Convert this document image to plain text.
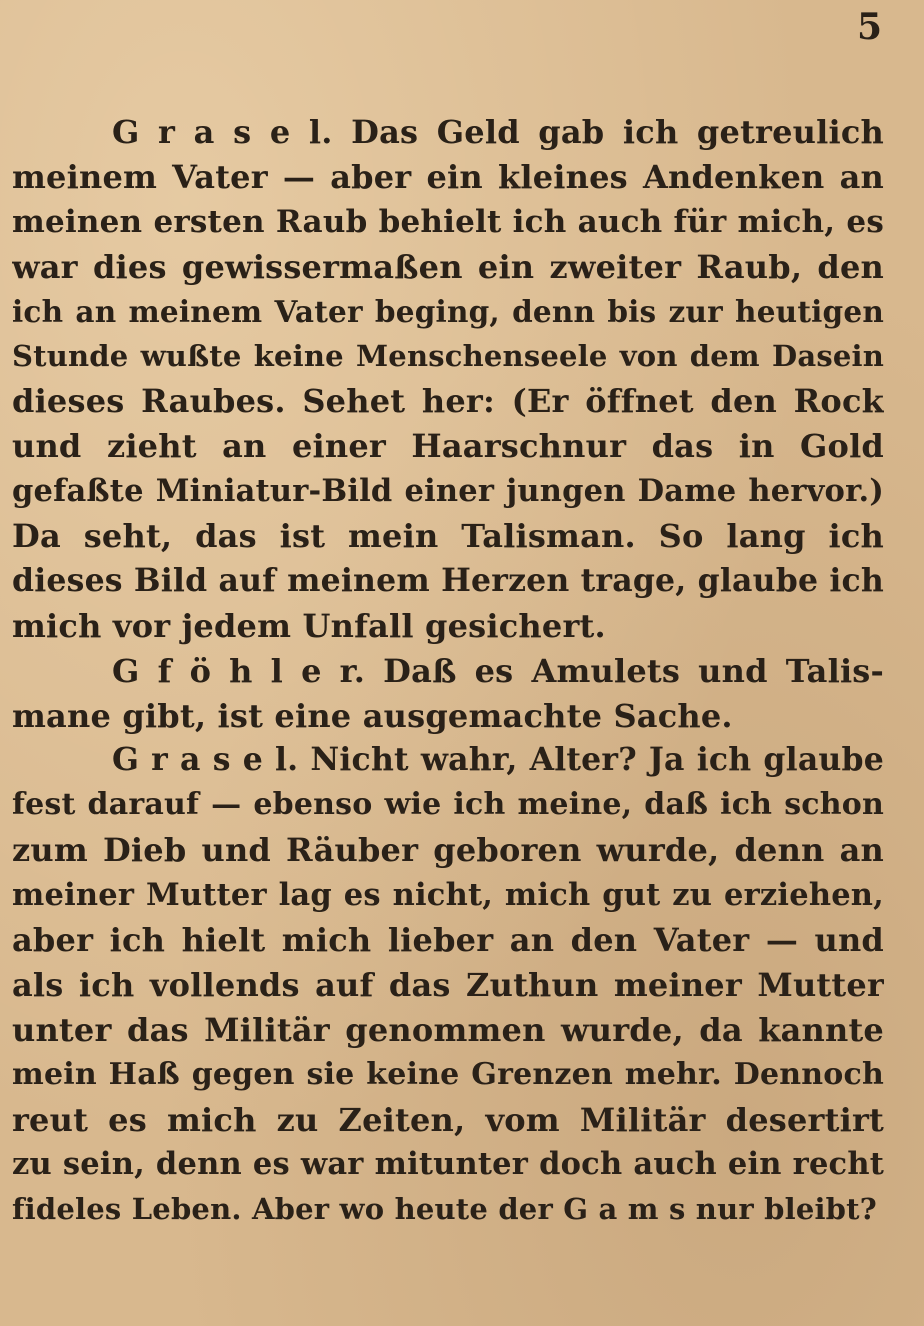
5
G r a s e l. Das Geld gab ich getreulich
meinem Vater — aber ein kleines Andenken an
meinen ersten Raub behielt ich auch für mich, es
war dies gewissermaßen ein zweiter Raub, den
ich an meinem Vater beging, denn bis zur heutigen
Stunde wußte keine Menschenseele von dem Dasein
dieses Raubes. Sehet her: (Er öffnet den Rock
und zieht an einer Haarschnur das in Gold
gefaßte Miniatur-Bild einer jungen Dame hervor.)
Da seht, das ist mein Talisman. So lang ich
dieses Bild auf meinem Herzen trage, glaube ich
mich vor jedem Unfall gesichert.
G f ö h l e r. Daß es Amulets und Talis-
mane gibt, ist eine ausgemachte Sache.
G r a s e l. Nicht wahr, Alter? Ja ich glaube
fest darauf — ebenso wie ich meine, daß ich schon
zum Dieb und Räuber geboren wurde, denn an
meiner Mutter lag es nicht, mich gut zu erziehen,
aber ich hielt mich lieber an den Vater — und
als ich vollends auf das Zuthun meiner Mutter
unter das Militär genommen wurde, da kannte
mein Haß gegen sie keine Grenzen mehr. Dennoch
reut es mich zu Zeiten, vom Militär desertirt
zu sein, denn es war mitunter doch auch ein recht
fideles Leben. Aber wo heute der G a m s nur bleibt?
